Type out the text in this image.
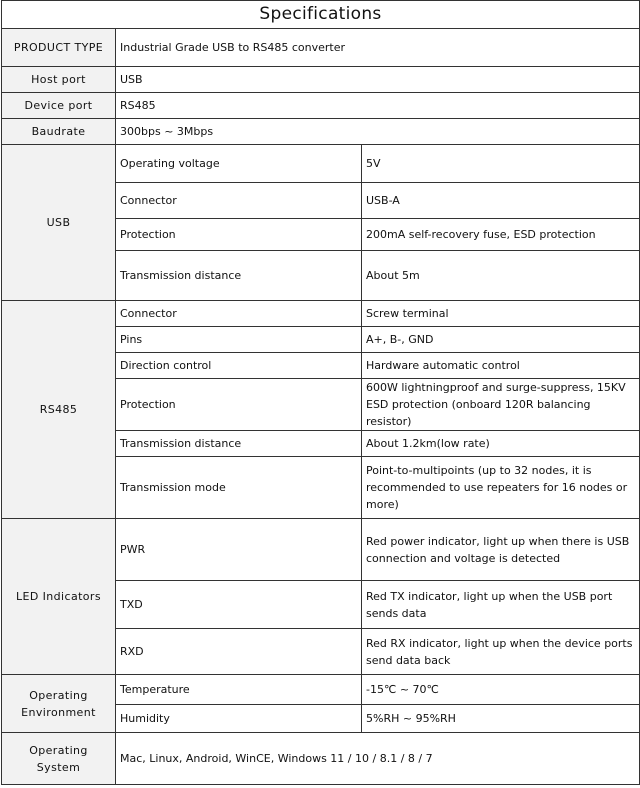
Specifications		
PRODUCT TYPE	Industrial Grade USB to RS485 converter	
Host port	USB	
Device port	RS485	
Baudrate	300bps ~ 3Mbps	
USB	Operating voltage	5V
	Connector	USB-A
	Protection	200mA self-recovery fuse, ESD protection
	Transmission distance	About 5m
RS485	Connector	Screw terminal
	Pins	A+, B-, GND
	Direction control	Hardware automatic control
	Protection	600W lightningproof and surge-suppress, 15KV ESD protection (onboard 120R balancing resistor)
	Transmission distance	About 1.2km(low rate)
	Transmission mode	Point-to-multipoints (up to 32 nodes, it is recommended to use repeaters for 16 nodes or more)
LED Indicators	PWR	Red power indicator, light up when there is USB connection and voltage is detected
	TXD	Red TX indicator, light up when the USB port sends data
	RXD	Red RX indicator, light up when the device ports send data back
Operating Environment	Temperature	-15℃ ~ 70℃
	Humidity	5%RH ~ 95%RH
Operating System	Mac, Linux, Android, WinCE, Windows 11 / 10 / 8.1 / 8 / 7	
